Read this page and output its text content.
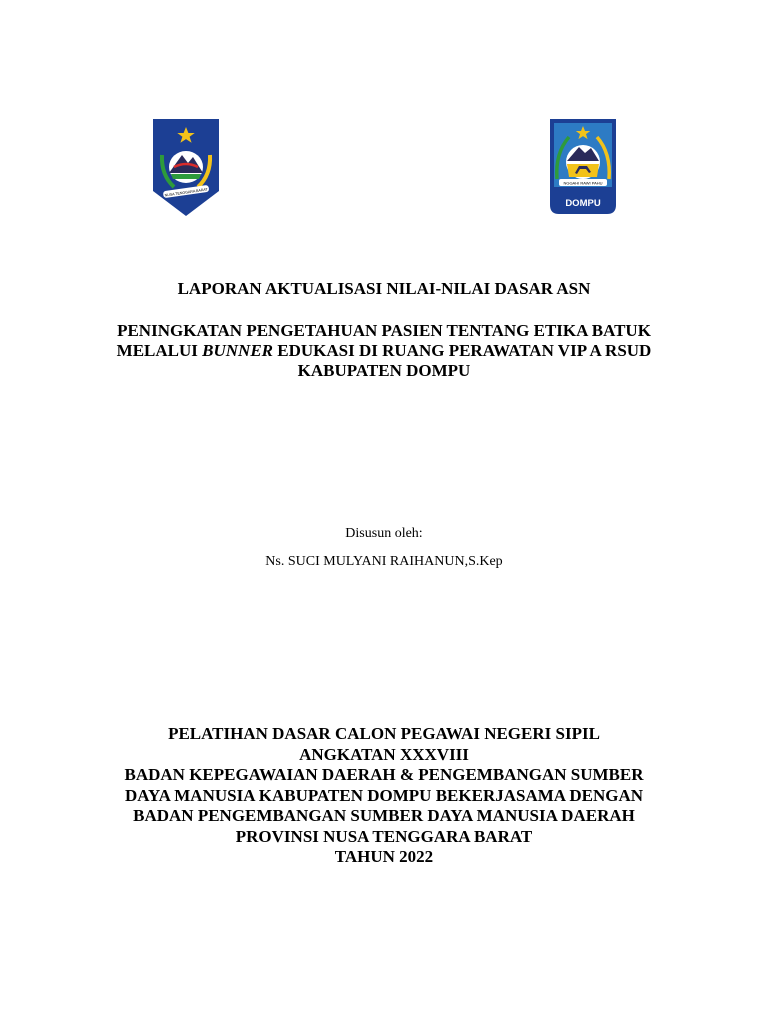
NUSA TENGGARA BARAT
NGGAHI RAWI PAHU
DOMPU
LAPORAN AKTUALISASI NILAI-NILAI DASAR ASN
PENINGKATAN PENGETAHUAN PASIEN TENTANG ETIKA BATUK
MELALUI BUNNER EDUKASI DI RUANG PERAWATAN VIP A RSUD
KABUPATEN DOMPU
Disusun oleh:
Ns. SUCI MULYANI RAIHANUN,S.Kep
PELATIHAN DASAR CALON PEGAWAI NEGERI SIPIL
ANGKATAN XXXVIII
BADAN KEPEGAWAIAN DAERAH & PENGEMBANGAN SUMBER
DAYA MANUSIA KABUPATEN DOMPU BEKERJASAMA DENGAN
BADAN PENGEMBANGAN SUMBER DAYA MANUSIA DAERAH
PROVINSI NUSA TENGGARA BARAT
TAHUN 2022
